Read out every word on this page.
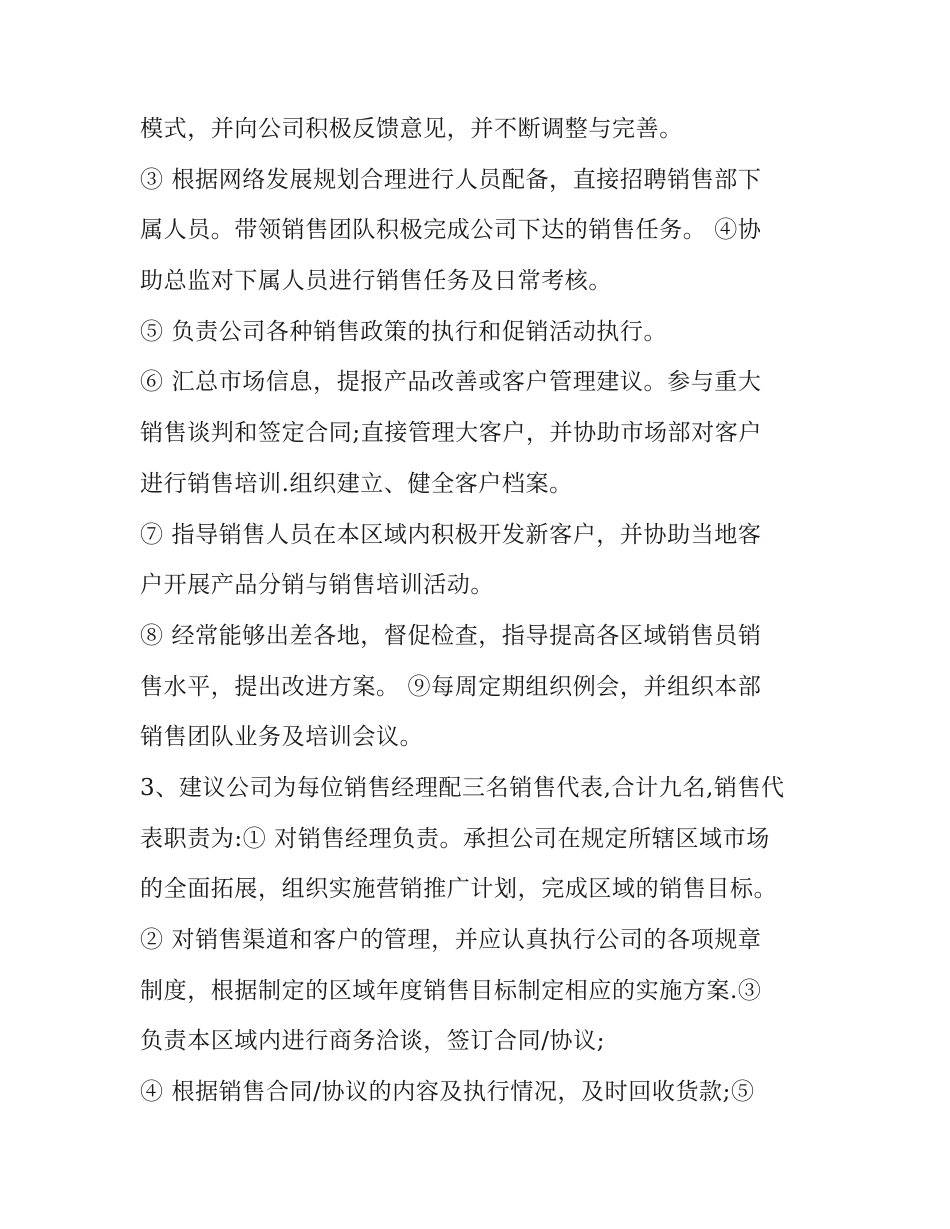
模式，并向公司积极反馈意见，并不断调整与完善。
③ 根据网络发展规划合理进行人员配备，直接招聘销售部下
属人员。带领销售团队积极完成公司下达的销售任务。 ④协
助总监对下属人员进行销售任务及日常考核。
⑤ 负责公司各种销售政策的执行和促销活动执行。
⑥ 汇总市场信息，提报产品改善或客户管理建议。参与重大
销售谈判和签定合同;直接管理大客户，并协助市场部对客户
进行销售培训.组织建立、健全客户档案。
⑦ 指导销售人员在本区域内积极开发新客户，并协助当地客
户开展产品分销与销售培训活动。
⑧ 经常能够出差各地，督促检查，指导提高各区域销售员销
售水平，提出改进方案。 ⑨每周定期组织例会，并组织本部
销售团队业务及培训会议。
3、建议公司为每位销售经理配三名销售代表,合计九名,销售代
表职责为:① 对销售经理负责。承担公司在规定所辖区域市场
的全面拓展，组织实施营销推广计划，完成区域的销售目标。
② 对销售渠道和客户的管理，并应认真执行公司的各项规章
制度，根据制定的区域年度销售目标制定相应的实施方案.③
负责本区域内进行商务洽谈，签订合同/协议;
④ 根据销售合同/协议的内容及执行情况，及时回收货款;⑤
